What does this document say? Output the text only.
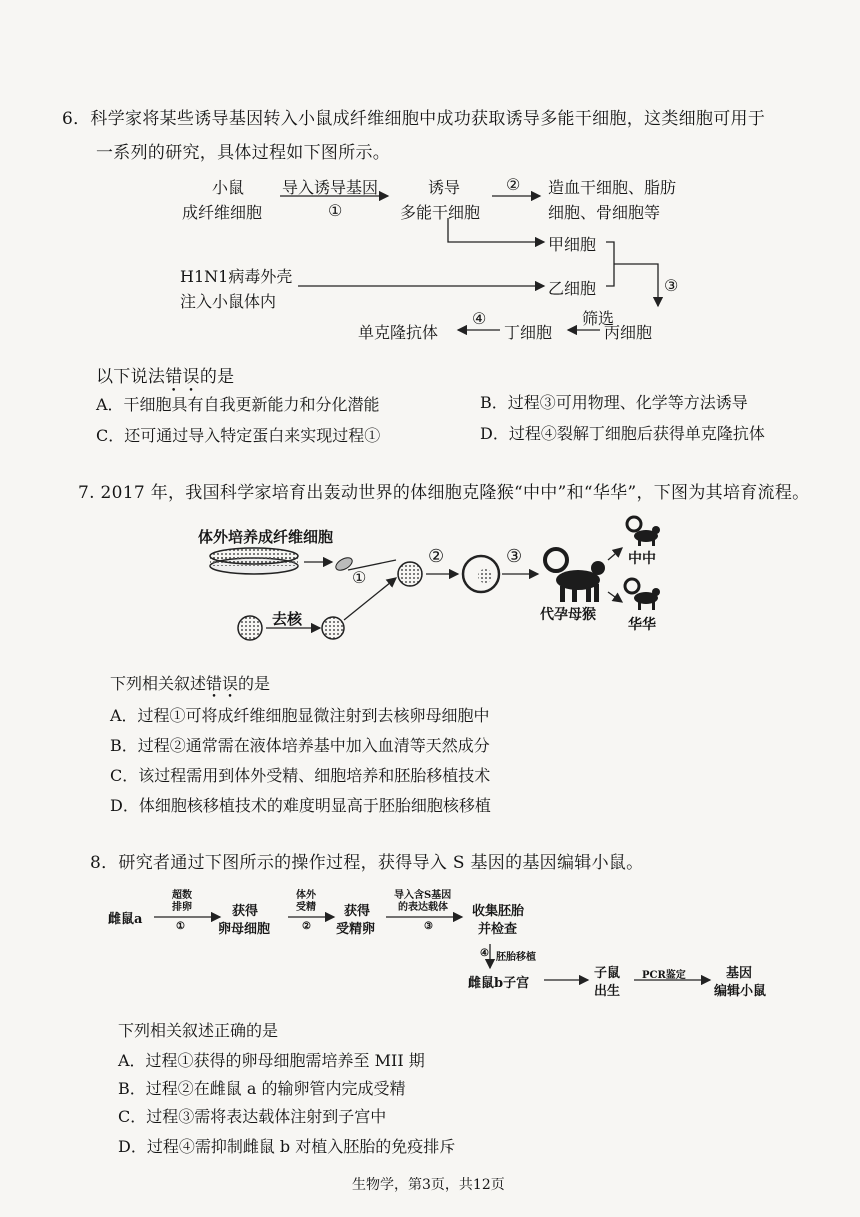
6．科学家将某些诱导基因转入小鼠成纤维细胞中成功获取诱导多能干细胞，这类细胞可用于
一系列的研究，具体过程如下图所示。
小鼠
成纤维细胞
导入诱导基因
①
诱导
多能干细胞
② 造血干细胞、脂肪
细胞、骨细胞等
甲细胞
H1N1病毒外壳
注入小鼠体内
乙细胞	③
丙细胞
筛选
丁细胞
④
单克隆抗体
以下说法错误的是
A．干细胞具有自我更新能力和分化潜能	B．过程③可用物理、化学等方法诱导
C．还可通过导入特定蛋白来实现过程①	D．过程④裂解丁细胞后获得单克隆抗体
7. 2017 年，我国科学家培育出轰动世界的体细胞克隆猴“中中”和“华华”，下图为其培育流程。
体外培养成纤维细胞
去核
①
②	③
代孕母猴
中中
华华
下列相关叙述错误的是
A．过程①可将成纤维细胞显微注射到去核卵母细胞中
B．过程②通常需在液体培养基中加入血清等天然成分
C．该过程需用到体外受精、细胞培养和胚胎移植技术
D．体细胞核移植技术的难度明显高于胚胎细胞核移植
8．研究者通过下图所示的操作过程，获得导入 S 基因的基因编辑小鼠。
雌鼠a
超数
排卵
①
获得
卵母细胞
体外
受精
②
获得
受精卵
导入含S基因
的表达载体
③
收集胚胎
并检查
④ 胚胎移植
雌鼠b子宫
子鼠
出生
PCR鉴定	基因
编辑小鼠
下列相关叙述正确的是
A．过程①获得的卵母细胞需培养至 MII 期
B．过程②在雌鼠 a 的输卵管内完成受精
C．过程③需将表达载体注射到子宫中
D．过程④需抑制雌鼠 b 对植入胚胎的免疫排斥
生物学，第3页，共12页
